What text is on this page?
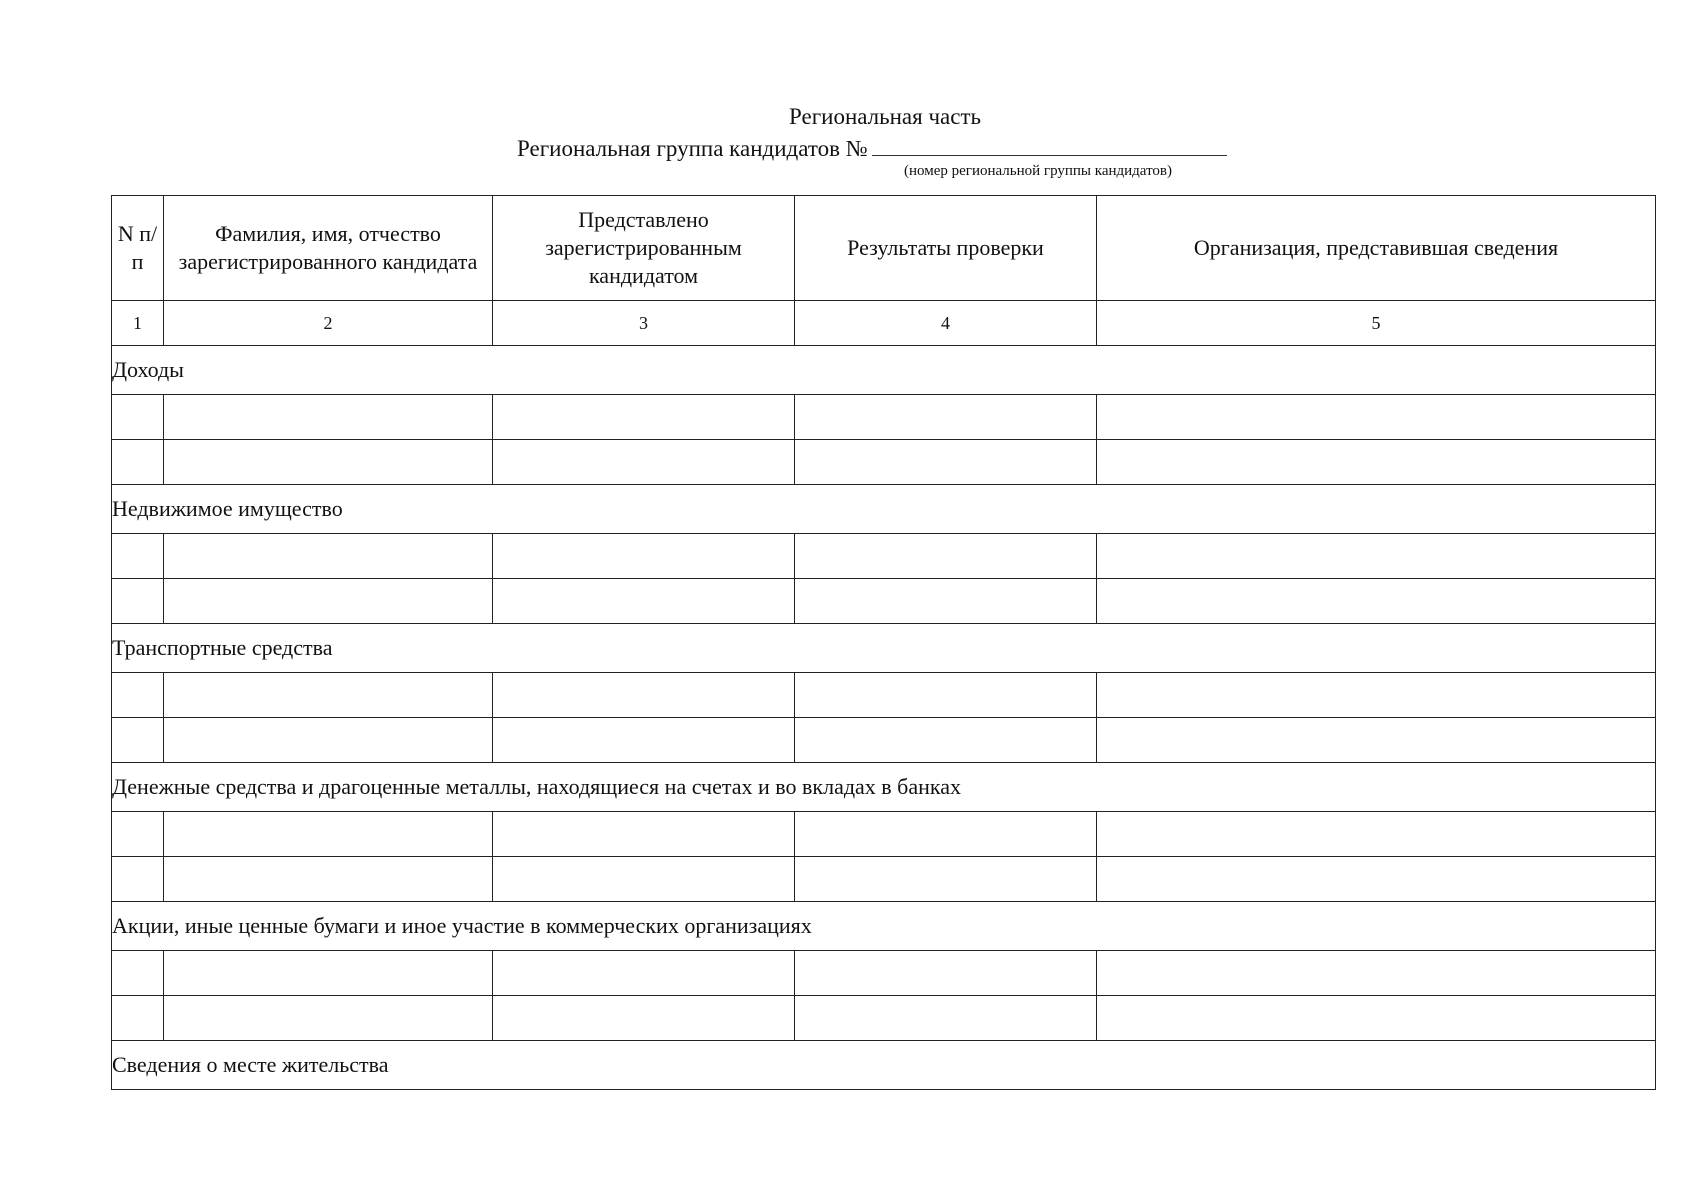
Региональная часть
Региональная группа кандидатов №
(номер региональной группы кандидатов)
N п/п	Фамилия, имя, отчество зарегистрированного кандидата	Представлено зарегистрированным кандидатом	Результаты проверки	Организация, представившая сведения
1	2	3	4	5
Доходы				

Недвижимое имущество				

Транспортные средства				

Денежные средства и драгоценные металлы, находящиеся на счетах и во вкладах в банках				

Акции, иные ценные бумаги и иное участие в коммерческих организациях				

Сведения о месте жительства				
